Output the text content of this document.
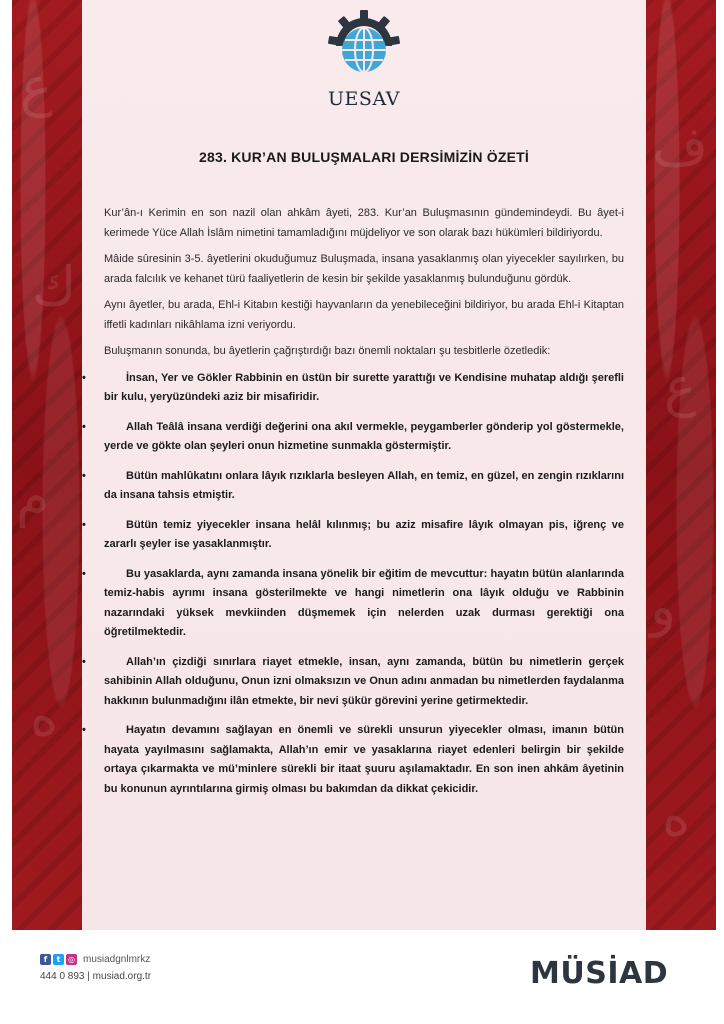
ع
ك
م
ه
ف
ع
و
ه
UESAV
283. KUR’AN BULUŞMALARI DERSİMİZİN ÖZETİ

Kur’ân-ı Kerimin en son nazil olan ahkâm âyeti, 283. Kur’an Buluşmasının gündemindeydi. Bu âyet-i kerimede Yüce Allah İslâm nimetini tamamladığını müjdeliyor ve son olarak bazı hükümleri bildiriyordu.

Mâide sûresinin 3-5. âyetlerini okuduğumuz Buluşmada, insana yasaklanmış olan yiyecekler sayılırken, bu arada falcılık ve kehanet türü faaliyetlerin de kesin bir şekilde yasaklanmış bulunduğunu gördük.

Aynı âyetler, bu arada, Ehl-i Kitabın kestiği hayvanların da yenebileceğini bildiriyor, bu arada Ehl-i Kitaptan iffetli kadınları nikâhlama izni veriyordu.

Buluşmanın sonunda, bu âyetlerin çağrıştırdığı bazı önemli noktaları şu tesbitlerle özetledik:

•	İnsan, Yer ve Gökler Rabbinin en üstün bir surette yarattığı ve Kendisine muhatap aldığı şerefli bir kulu, yeryüzündeki aziz bir misafiridir.
•	Allah Teâlâ insana verdiği değerini ona akıl vermekle, peygamberler gönderip yol göstermekle, yerde ve gökte olan şeyleri onun hizmetine sunmakla göstermiştir.
•	Bütün mahlûkatını onlara lâyık rızıklarla besleyen Allah, en temiz, en güzel, en zengin rızıklarını da insana tahsis etmiştir.
•	Bütün temiz yiyecekler insana helâl kılınmış; bu aziz misafire lâyık olmayan pis, iğrenç ve zararlı şeyler ise yasaklanmıştır.
•	Bu yasaklarda, aynı zamanda insana yönelik bir eğitim de mevcuttur: hayatın bütün alanlarında temiz-habis ayrımı insana gösterilmekte ve hangi nimetlerin ona lâyık olduğu ve Rabbinin nazarındaki yüksek mevkiinden düşmemek için nelerden uzak durması gerektiği ona öğretilmektedir.
•	Allah’ın çizdiği sınırlara riayet etmekle, insan, aynı zamanda, bütün bu nimetlerin gerçek sahibinin Allah olduğunu, Onun izni olmaksızın ve Onun adını anmadan bu nimetlerden faydalanma hakkının bulunmadığını ilân etmekte, bir nevi şükür görevini yerine getirmektedir.
•	Hayatın devamını sağlayan en önemli ve sürekli unsurun yiyecekler olması, imanın bütün hayata yayılmasını sağlamakta, Allah’ın emir ve yasaklarına riayet edenleri belirgin bir şekilde ortaya çıkarmakta ve mü’minlere sürekli bir itaat şuuru aşılamaktadır. En son inen ahkâm âyetinin bu konunun ayrıntılarına girmiş olması bu bakımdan da dikkat çekicidir.
f	t ◎ musiadgnlmrkz
444 0 893 | musiad.org.tr	MÜSİAD
